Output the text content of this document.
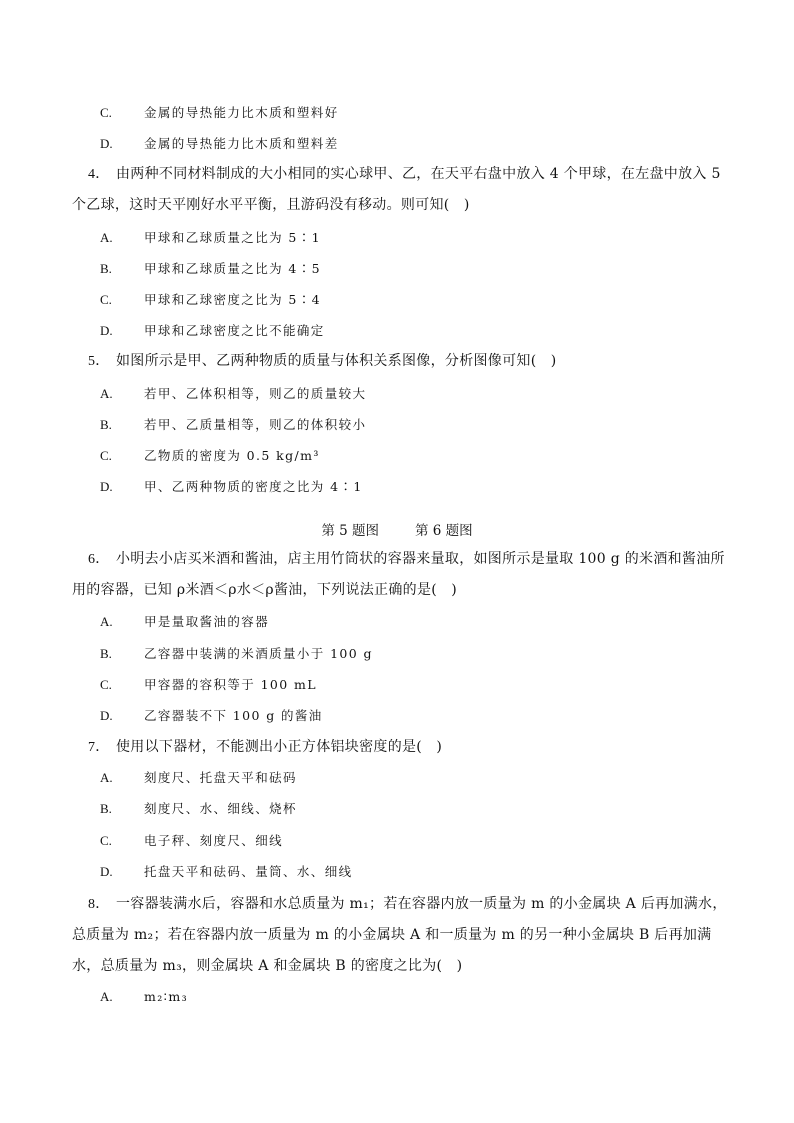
C.	金属的导热能力比木质和塑料好
D.	金属的导热能力比木质和塑料差
4． 由两种不同材料制成的大小相同的实心球甲、乙，在天平右盘中放入 4 个甲球，在左盘中放入 5 个乙球，这时天平刚好水平平衡，且游码没有移动。则可知(　)
A.	甲球和乙球质量之比为 5∶1
B.	甲球和乙球质量之比为 4∶5
C.	甲球和乙球密度之比为 5∶4
D.	甲球和乙球密度之比不能确定
5． 如图所示是甲、乙两种物质的质量与体积关系图像，分析图像可知(　)
A.	若甲、乙体积相等，则乙的质量较大
B.	若甲、乙质量相等，则乙的体积较小
C.	乙物质的密度为 0.5 kg/m³
D.	甲、乙两种物质的密度之比为 4∶1
第 5 题图	第 6 题图
6． 小明去小店买米酒和酱油，店主用竹筒状的容器来量取，如图所示是量取 100 g 的米酒和酱油所用的容器，已知 ρ米酒＜ρ水＜ρ酱油，下列说法正确的是(　)
A.	甲是量取酱油的容器
B.	乙容器中装满的米酒质量小于 100 g
C.	甲容器的容积等于 100 mL
D.	乙容器装不下 100 g 的酱油
7． 使用以下器材，不能测出小正方体铝块密度的是(　)
A.	刻度尺、托盘天平和砝码
B.	刻度尺、水、细线、烧杯
C.	电子秤、刻度尺、细线
D.	托盘天平和砝码、量筒、水、细线
8． 一容器装满水后，容器和水总质量为 m₁；若在容器内放一质量为 m 的小金属块 A 后再加满水，总质量为 m₂；若在容器内放一质量为 m 的小金属块 A 和一质量为 m 的另一种小金属块 B 后再加满水，总质量为 m₃，则金属块 A 和金属块 B 的密度之比为(　)
A.	m₂∶m₃
